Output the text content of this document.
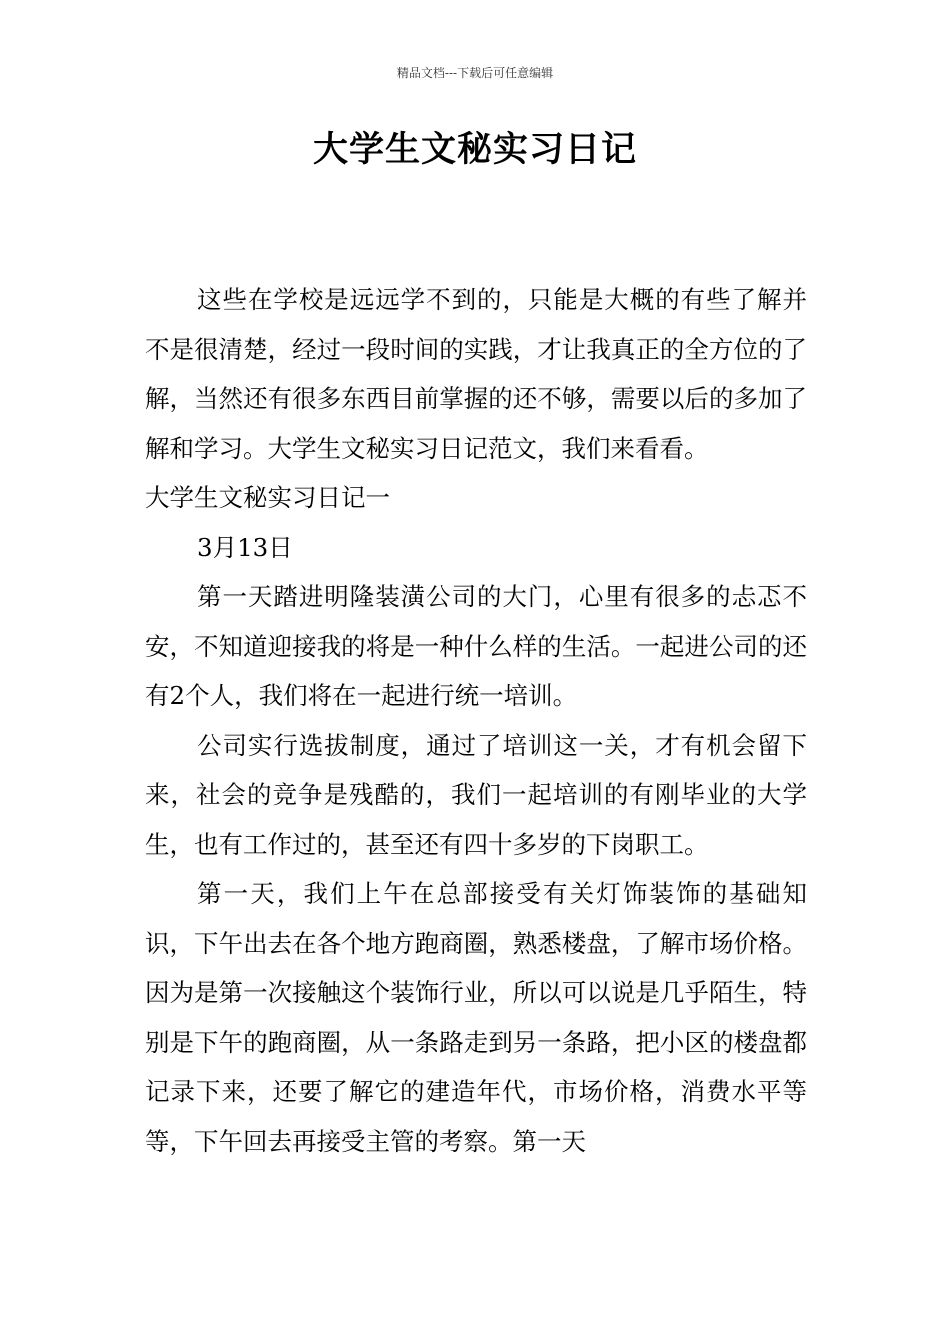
精品文档---下载后可任意编辑
大学生文秘实习日记

这些在学校是远远学不到的，只能是大概的有些了解并不是很清楚，经过一段时间的实践，才让我真正的全方位的了解，当然还有很多东西目前掌握的还不够，需要以后的多加了解和学习。大学生文秘实习日记范文，我们来看看。

大学生文秘实习日记一

3月13日

第一天踏进明隆装潢公司的大门，心里有很多的忐忑不安，不知道迎接我的将是一种什么样的生活。一起进公司的还有2个人，我们将在一起进行统一培训。

公司实行选拔制度，通过了培训这一关，才有机会留下来，社会的竞争是残酷的，我们一起培训的有刚毕业的大学生，也有工作过的，甚至还有四十多岁的下岗职工。

第一天，我们上午在总部接受有关灯饰装饰的基础知识，下午出去在各个地方跑商圈，熟悉楼盘，了解市场价格。因为是第一次接触这个装饰行业，所以可以说是几乎陌生，特别是下午的跑商圈，从一条路走到另一条路，把小区的楼盘都记录下来，还要了解它的建造年代，市场价格，消费水平等等，下午回去再接受主管的考察。第一天
